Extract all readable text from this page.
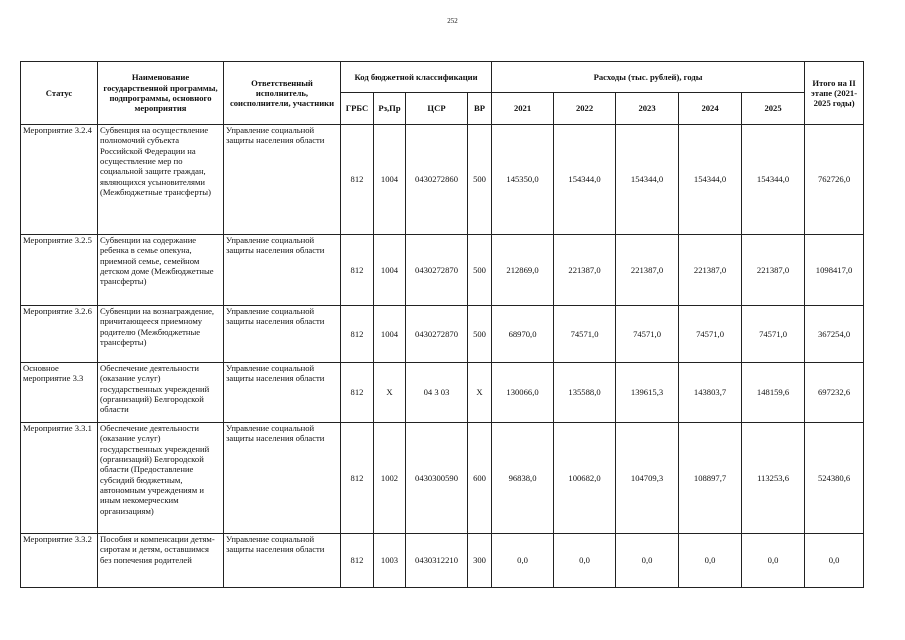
252
Статус	Наименование государственной программы, подпрограммы, основного мероприятия	Ответственный исполнитель, соисполнители, участники	Код бюджетной классификации				Расходы (тыс. рублей), годы					Итого на II этапе (2021-2025 годы)
			ГРБС	Рз,Пр	ЦСР	ВР	2021	2022	2023	2024	2025	
Мероприятие 3.2.4	Субвенция на осуществление полномочий субъекта Российской Федерации на осуществление мер по социальной защите граждан, являющихся усыновителями (Межбюджетные трансферты)	Управление социальной защиты населения области	812	1004	0430272860	500	145350,0	154344,0	154344,0	154344,0	154344,0	762726,0
Мероприятие 3.2.5	Субвенции на содержание ребенка в семье опекуна, приемной семье, семейном детском доме (Межбюджетные трансферты)	Управление социальной защиты населения области	812	1004	0430272870	500	212869,0	221387,0	221387,0	221387,0	221387,0	1098417,0
Мероприятие 3.2.6	Субвенции на вознаграждение, причитающееся приемному родителю (Межбюджетные трансферты)	Управление социальной защиты населения области	812	1004	0430272870	500	68970,0	74571,0	74571,0	74571,0	74571,0	367254,0
Основное мероприятие 3.3	Обеспечение деятельности (оказание услуг) государственных учреждений (организаций) Белгородской области	Управление социальной защиты населения области	812	Х	04 3 03	Х	130066,0	135588,0	139615,3	143803,7	148159,6	697232,6
Мероприятие 3.3.1	Обеспечение деятельности (оказание услуг) государственных учреждений (организаций) Белгородской области (Предоставление субсидий бюджетным, автономным учреждениям и иным некомерческим организациям)	Управление социальной защиты населения области	812	1002	0430300590	600	96838,0	100682,0	104709,3	108897,7	113253,6	524380,6
Мероприятие 3.3.2	Пособия и компенсации детям-сиротам и детям, оставшимся без попечения родителей	Управление социальной защиты населения области	812	1003	0430312210	300	0,0	0,0	0,0	0,0	0,0	0,0
